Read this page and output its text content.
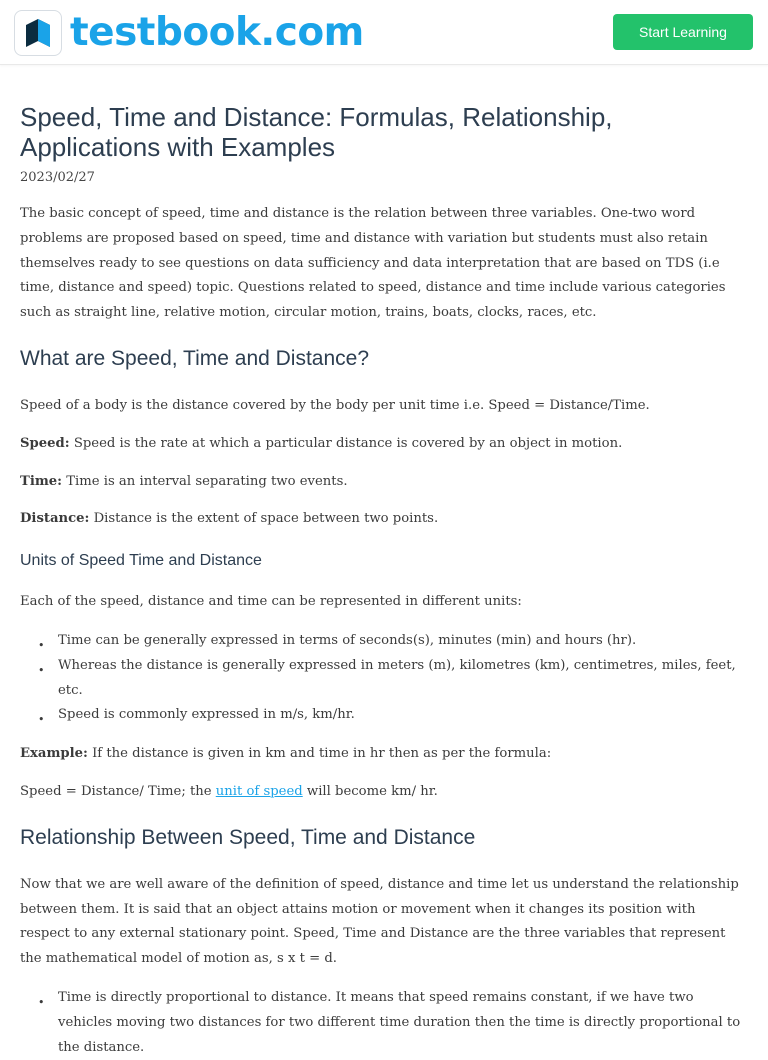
testbook.com	Start Learning
Speed, Time and Distance: Formulas, Relationship, Applications with Examples
2023/02/27

The basic concept of speed, time and distance is the relation between three variables. One-two word problems are proposed based on speed, time and distance with variation but students must also retain themselves ready to see questions on data sufficiency and data interpretation that are based on TDS (i.e time, distance and speed) topic. Questions related to speed, distance and time include various categories such as straight line, relative motion, circular motion, trains, boats, clocks, races, etc.

What are Speed, Time and Distance?

Speed of a body is the distance covered by the body per unit time i.e. Speed = Distance/Time.

Speed: Speed is the rate at which a particular distance is covered by an object in motion.

Time: Time is an interval separating two events.

Distance: Distance is the extent of space between two points.

Units of Speed Time and Distance

Each of the speed, distance and time can be represented in different units:

• Time can be generally expressed in terms of seconds(s), minutes (min) and hours (hr).
• Whereas the distance is generally expressed in meters (m), kilometres (km), centimetres, miles, feet, etc.
• Speed is commonly expressed in m/s, km/hr.

Example: If the distance is given in km and time in hr then as per the formula:

Speed = Distance/ Time; the unit of speed will become km/ hr.

Relationship Between Speed, Time and Distance

Now that we are well aware of the definition of speed, distance and time let us understand the relationship between them. It is said that an object attains motion or movement when it changes its position with respect to any external stationary point. Speed, Time and Distance are the three variables that represent the mathematical model of motion as, s x t = d.

• Time is directly proportional to distance. It means that speed remains constant, if we have two vehicles moving two distances for two different time duration then the time is directly proportional to the distance.
